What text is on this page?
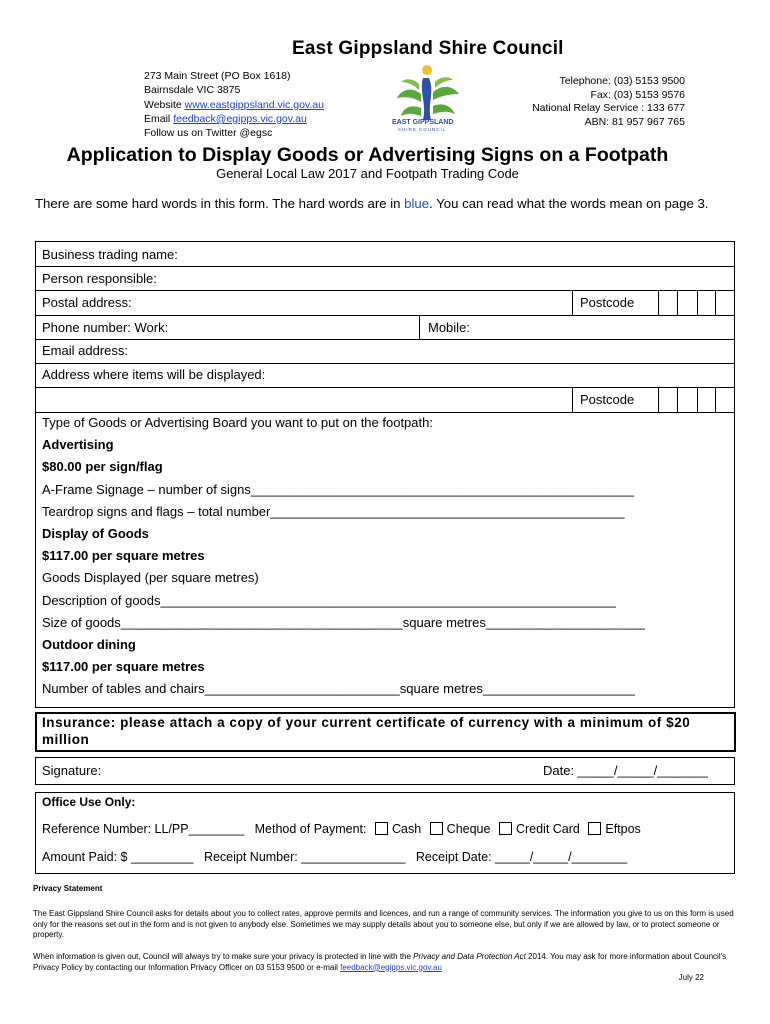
East Gippsland Shire Council
273 Main Street (PO Box 1618)
Bairnsdale VIC 3875
Website www.eastgippsland.vic.gov.au
Email feedback@egipps.vic.gov.au
Follow us on Twitter @egsc
EAST GIPPSLAND
SHIRE COUNCIL
Telephone: (03) 5153 9500
Fax: (03) 5153 9576
National Relay Service : 133 677
ABN: 81 957 967 765
Application to Display Goods or Advertising Signs on a Footpath
General Local Law 2017 and Footpath Trading Code
There are some hard words in this form. The hard words are in blue. You can read what the words mean on page 3.
Business trading name:
Person responsible:
Postal address:	Postcode
Phone number: Work:	Mobile:
Email address:
Address where items will be displayed:
Postcode
Type of Goods or Advertising Board you want to put on the footpath:
Advertising
$80.00 per sign/flag
A-Frame Signage – number of signs_____________________________________________________
Teardrop signs and flags – total number_________________________________________________
Display of Goods
$117.00 per square metres
Goods Displayed (per square metres)
Description of goods_______________________________________________________________
Size of goods_______________________________________square metres______________________
Outdoor dining
$117.00 per square metres
Number of tables and chairs___________________________square metres_____________________
Insurance: please attach a copy of your current certificate of currency with a minimum of $20 million
Signature:	Date: _____/_____/_______
Office Use Only:
Reference Number: LL/PP________ Method of Payment: Cash Cheque Credit Card Eftpos
Amount Paid: $ _________ Receipt Number: _______________ Receipt Date: _____/_____/________
Privacy Statement
The East Gippsland Shire Council asks for details about you to collect rates, approve permits and licences, and run a range of community services. The information you give to us on this form is used only for the reasons set out in the form and is not given to anybody else. Sometimes we may supply details about you to someone else, but only if we are allowed by law, or to protect someone or property.
When information is given out, Council will always try to make sure your privacy is protected in line with the Privacy and Data Protection Act 2014. You may ask for more information about Council's Privacy Policy by contacting our Information Privacy Officer on 03 5153 9500 or e-mail feedback@egipps.vic.gov.au
July 22
